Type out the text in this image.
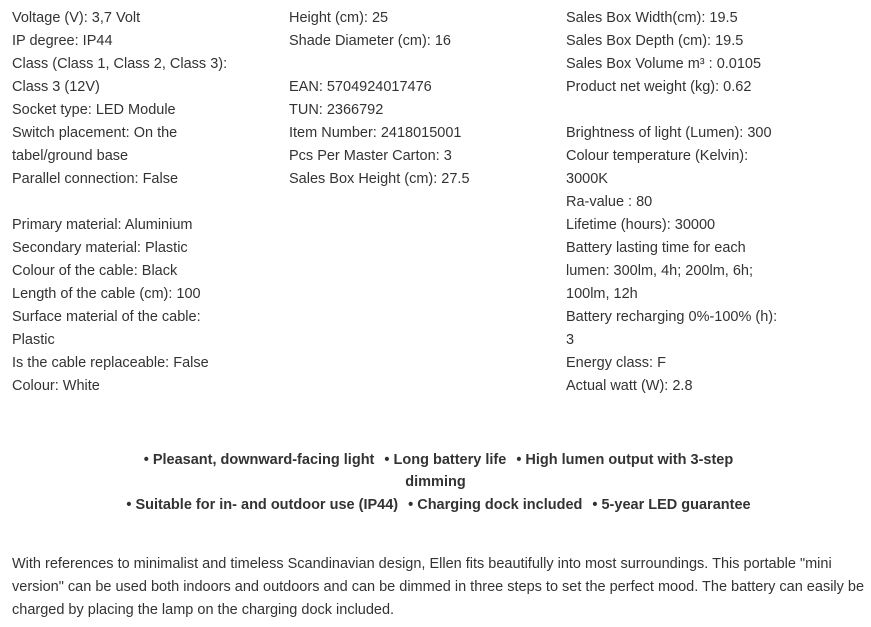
Voltage (V): 3,7 Volt
IP degree: IP44
Class (Class 1, Class 2, Class 3):
Class 3 (12V)
Socket type: LED Module
Switch placement: On the
tabel/ground base
Parallel connection: False
Primary material: Aluminium
Secondary material: Plastic
Colour of the cable: Black
Length of the cable (cm): 100
Surface material of the cable:
Plastic
Is the cable replaceable: False
Colour: White
Height (cm): 25
Shade Diameter (cm): 16
EAN: 5704924017476
TUN: 2366792
Item Number: 2418015001
Pcs Per Master Carton: 3
Sales Box Height (cm): 27.5
Sales Box Width(cm): 19.5
Sales Box Depth (cm): 19.5
Sales Box Volume m³ : 0.0105
Product net weight (kg): 0.62
Brightness of light (Lumen): 300
Colour temperature (Kelvin):
3000K
Ra-value : 80
Lifetime (hours): 30000
Battery lasting time for each
lumen: 300lm, 4h; 200lm, 6h;
100lm, 12h
Battery recharging 0%-100% (h):
3
Energy class: F
Actual watt (W): 2.8
• Pleasant, downward-facing light • Long battery life • High lumen output with 3-step
dimming
• Suitable for in- and outdoor use (IP44) • Charging dock included • 5-year LED guarantee
With references to minimalist and timeless Scandinavian design, Ellen fits beautifully into most surroundings. This portable "mini version" can be used both indoors and outdoors and can be dimmed in three steps to set the perfect mood. The battery can easily be charged by placing the lamp on the charging dock included.
